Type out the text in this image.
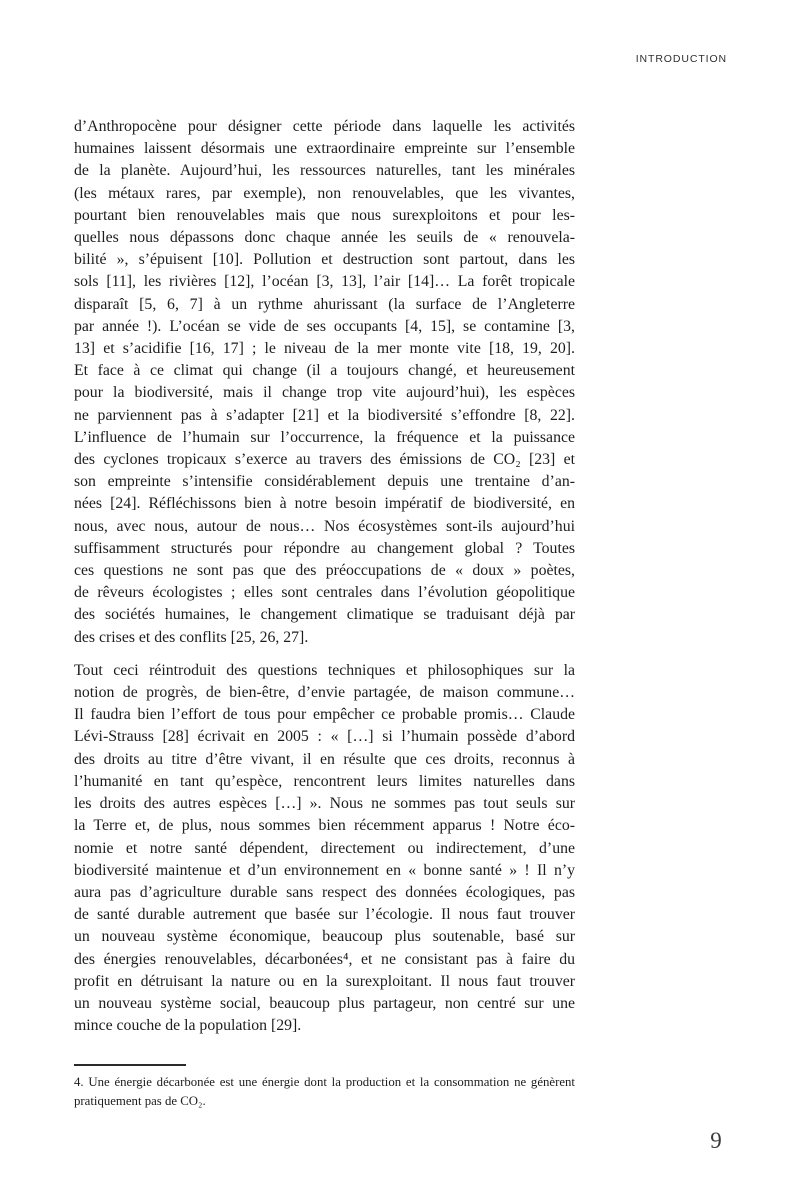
INTRODUCTION
d’Anthropocène pour désigner cette période dans laquelle les activités
humaines laissent désormais une extraordinaire empreinte sur l’ensemble
de la planète. Aujourd’hui, les ressources naturelles, tant les minérales
(les métaux rares, par exemple), non renouvelables, que les vivantes,
pourtant bien renouvelables mais que nous surexploitons et pour les-
quelles nous dépassons donc chaque année les seuils de « renouvela-
bilité », s’épuisent [10]. Pollution et destruction sont partout, dans les
sols [11], les rivières [12], l’océan [3, 13], l’air [14]… La forêt tropicale
disparaît [5, 6, 7] à un rythme ahurissant (la surface de l’Angleterre
par année !). L’océan se vide de ses occupants [4, 15], se contamine [3,
13] et s’acidifie [16, 17] ; le niveau de la mer monte vite [18, 19, 20].
Et face à ce climat qui change (il a toujours changé, et heureusement
pour la biodiversité, mais il change trop vite aujourd’hui), les espèces
ne parviennent pas à s’adapter [21] et la biodiversité s’effondre [8, 22].
L’influence de l’humain sur l’occurrence, la fréquence et la puissance
des cyclones tropicaux s’exerce au travers des émissions de CO₂ [23] et
son empreinte s’intensifie considérablement depuis une trentaine d’an-
nées [24]. Réfléchissons bien à notre besoin impératif de biodiversité, en
nous, avec nous, autour de nous… Nos écosystèmes sont-ils aujourd’hui
suffisamment structurés pour répondre au changement global ? Toutes
ces questions ne sont pas que des préoccupations de « doux » poètes,
de rêveurs écologistes ; elles sont centrales dans l’évolution géopolitique
des sociétés humaines, le changement climatique se traduisant déjà par
des crises et des conflits [25, 26, 27].
Tout ceci réintroduit des questions techniques et philosophiques sur la
notion de progrès, de bien-être, d’envie partagée, de maison commune…
Il faudra bien l’effort de tous pour empêcher ce probable promis… Claude
Lévi-Strauss [28] écrivait en 2005 : « […] si l’humain possède d’abord
des droits au titre d’être vivant, il en résulte que ces droits, reconnus à
l’humanité en tant qu’espèce, rencontrent leurs limites naturelles dans
les droits des autres espèces […] ». Nous ne sommes pas tout seuls sur
la Terre et, de plus, nous sommes bien récemment apparus ! Notre éco-
nomie et notre santé dépendent, directement ou indirectement, d’une
biodiversité maintenue et d’un environnement en « bonne santé » ! Il n’y
aura pas d’agriculture durable sans respect des données écologiques, pas
de santé durable autrement que basée sur l’écologie. Il nous faut trouver
un nouveau système économique, beaucoup plus soutenable, basé sur
des énergies renouvelables, décarbonées⁴, et ne consistant pas à faire du
profit en détruisant la nature ou en la surexploitant. Il nous faut trouver
un nouveau système social, beaucoup plus partageur, non centré sur une
mince couche de la population [29].
4. Une énergie décarbonée est une énergie dont la production et la consommation ne génèrent
pratiquement pas de CO₂.
9
